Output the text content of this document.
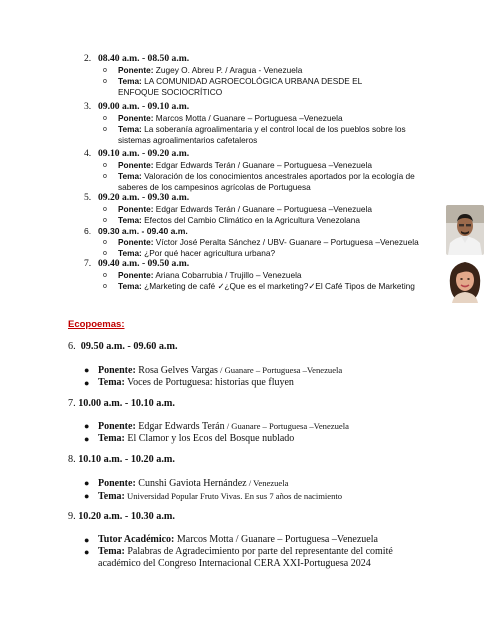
2. 08.40 a.m. - 08.50 a.m.
o Ponente: Zugey O. Abreu P. / Aragua - Venezuela
o Tema: LA COMUNIDAD AGROECOLÓGICA URBANA DESDE EL ENFOQUE SOCIOCRÍTICO
3. 09.00 a.m. - 09.10 a.m.
o Ponente: Marcos Motta / Guanare – Portuguesa –Venezuela
o Tema: La soberanía agroalimentaria y el control local de los pueblos sobre los sistemas agroalimentarios cafetaleros
4. 09.10 a.m. - 09.20 a.m.
o Ponente: Edgar Edwards Terán / Guanare – Portuguesa –Venezuela
o Tema: Valoración de los conocimientos ancestrales aportados por la ecología de saberes de los campesinos agrícolas de Portuguesa
5. 09.20 a.m. - 09.30 a.m.
o Ponente: Edgar Edwards Terán / Guanare – Portuguesa –Venezuela
o Tema: Efectos del Cambio Climático en la Agricultura Venezolana
6. 09.30 a.m. - 09.40 a.m.
o Ponente: Víctor José Peralta Sánchez / UBV- Guanare – Portuguesa –Venezuela
o Tema: ¿Por qué hacer agricultura urbana?
7. 09.40 a.m. - 09.50 a.m.
o Ponente: Ariana Cobarrubia / Trujillo – Venezuela
o Tema: ¿Marketing de café ✓¿Que es el marketing?✓El Café Tipos de Marketing
Ecopoemas:
6. 09.50 a.m. - 09.60 a.m.
● Ponente: Rosa Gelves Vargas / Guanare – Portuguesa –Venezuela
● Tema: Voces de Portuguesa: historias que fluyen
7. 10.00 a.m. - 10.10 a.m.
● Ponente: Edgar Edwards Terán / Guanare – Portuguesa –Venezuela
● Tema: El Clamor y los Ecos del Bosque nublado
8. 10.10 a.m. - 10.20 a.m.
● Ponente: Cunshi Gaviota Hernández / Venezuela
● Tema: Universidad Popular Fruto Vivas. En sus 7 años de nacimiento
9. 10.20 a.m. - 10.30 a.m.
● Tutor Académico: Marcos Motta / Guanare – Portuguesa –Venezuela
● Tema: Palabras de Agradecimiento por parte del representante del comité académico del Congreso Internacional CERA XXI-Portuguesa 2024
